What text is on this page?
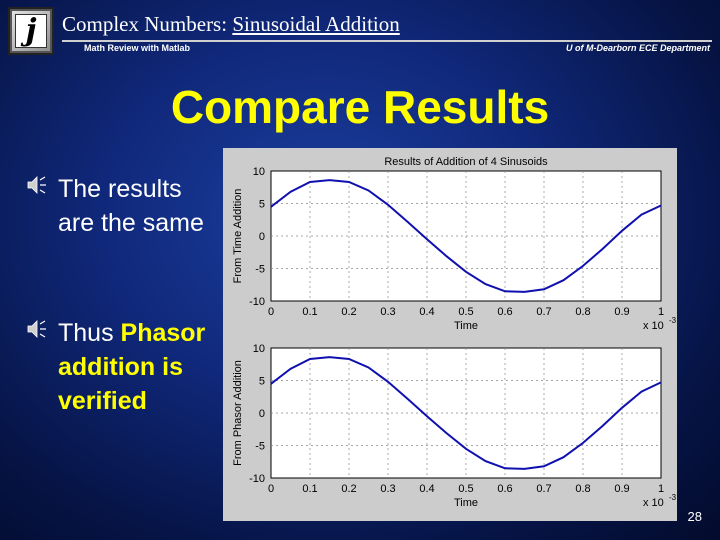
j	Complex Numbers: Sinusoidal Addition
Math Review with Matlab	U of M-Dearborn ECE Department
Compare Results
The results are the same
Thus Phasor addition is verified
0	0.1 0.2 0.3 0.4 0.5 0.6 0.7 0.8 0.9	1
10
5
0
-5
-10
Results of Addition of 4 Sinusoids
Time
From Time Addition
x 10 -3
0	0.1 0.2 0.3 0.4 0.5 0.6 0.7 0.8 0.9	1
10
5
0
-5
-10
Time
From Phasor Addition
x 10 -3
28
